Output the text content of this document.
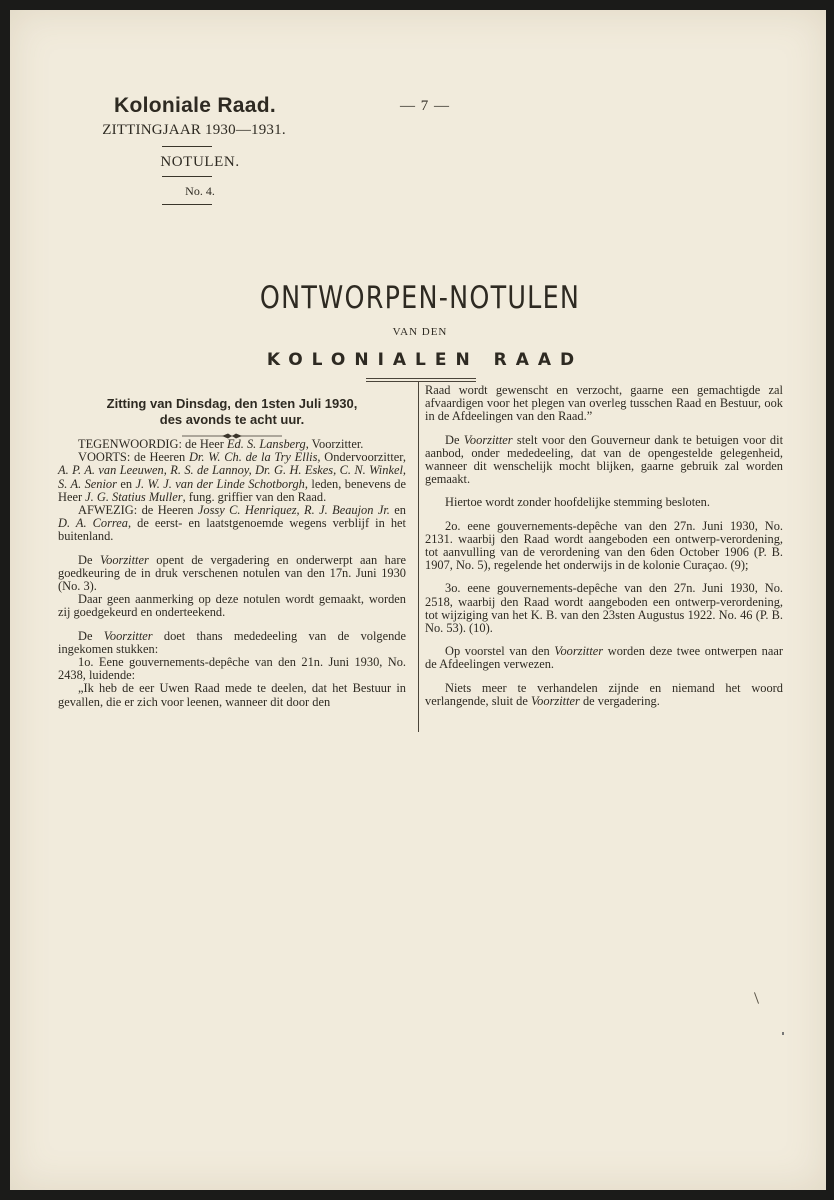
Koloniale Raad.

ZITTINGJAAR 1930—1931.

NOTULEN.

No. 4.

— 7 —

ONTWORPEN-NOTULEN

VAN DEN

KOLONIALEN RAAD
Zitting van Dinsdag, den 1sten Juli 1930,
des avonds te acht uur.

TEGENWOORDIG: de Heer Ed. S. Lansberg, Voorzitter.

VOORTS: de Heeren Dr. W. Ch. de la Try Ellis, Ondervoorzitter, A. P. A. van Leeuwen, R. S. de Lannoy, Dr. G. H. Eskes, C. N. Winkel, S. A. Senior en J. W. J. van der Linde Schotborgh, leden, benevens de Heer J. G. Statius Muller, fung. griffier van den Raad.

AFWEZIG: de Heeren Jossy C. Henriquez, R. J. Beaujon Jr. en D. A. Correa, de eerst- en laatstgenoemde wegens verblijf in het buitenland.

De Voorzitter opent de vergadering en onderwerpt aan hare goedkeuring de in druk verschenen notulen van den 17n. Juni 1930 (No. 3).

Daar geen aanmerking op deze notulen wordt gemaakt, worden zij goedgekeurd en onderteekend.

De Voorzitter doet thans mededeeling van de volgende ingekomen stukken:

1o. Eene gouvernements-depêche van den 21n. Juni 1930, No. 2438, luidende:

„Ik heb de eer Uwen Raad mede te deelen, dat het Bestuur in gevallen, die er zich voor leenen, wanneer dit door den

Raad wordt gewenscht en verzocht, gaarne een gemachtigde zal afvaardigen voor het plegen van overleg tusschen Raad en Bestuur, ook in de Afdeelingen van den Raad.”

De Voorzitter stelt voor den Gouverneur dank te betuigen voor dit aanbod, onder mededeeling, dat van de opengestelde gelegenheid, wanneer dit wenschelijk mocht blijken, gaarne gebruik zal worden gemaakt.

Hiertoe wordt zonder hoofdelijke stemming besloten.

2o. eene gouvernements-depêche van den 27n. Juni 1930, No. 2131. waarbij den Raad wordt aangeboden een ontwerp-verordening, tot aanvulling van de verordening van den 6den October 1906 (P. B. 1907, No. 5), regelende het onderwijs in de kolonie Curaçao. (9);

3o. eene gouvernements-depêche van den 27n. Juni 1930, No. 2518, waarbij den Raad wordt aangeboden een ontwerp-verordening, tot wijziging van het K. B. van den 23sten Augustus 1922. No. 46 (P. B. No. 53). (10).

Op voorstel van den Voorzitter worden deze twee ontwerpen naar de Afdeelingen verwezen.

Niets meer te verhandelen zijnde en niemand het woord verlangende, sluit de Voorzitter de vergadering.
